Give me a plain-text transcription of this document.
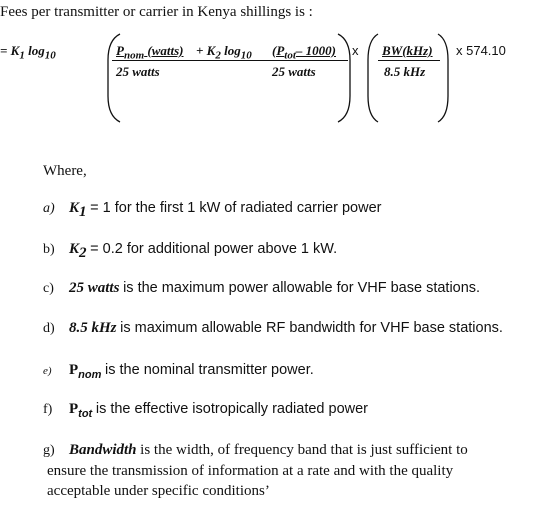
Fees per transmitter or carrier in Kenya shillings is :
= $K_1$ $\log_{10}$	$P_{nom}$ (watts) + $K_2$ $\log_{10} (P_{tot}-$ 1000)
25 watts	25 watts
x BW(kHz)
8.5 kHz
x 574.10
Where,
a) $K_1 = 1$ for the first 1 kW of radiated carrier power
b) $K_2 = 0.2$ for additional power above 1 kW.
c) 25 watts is the maximum power allowable for VHF base stations.
d) 8.5 kHz is maximum allowable RF bandwidth for VHF base stations.
e) $P_{nom}$ is the nominal transmitter power.
f) $P_{tot}$ is the effective isotropically radiated power
g) Bandwidth is the width, of frequency band that is just sufficient to
ensure the transmission of information at a rate and with the quality
acceptable under specific conditions’
